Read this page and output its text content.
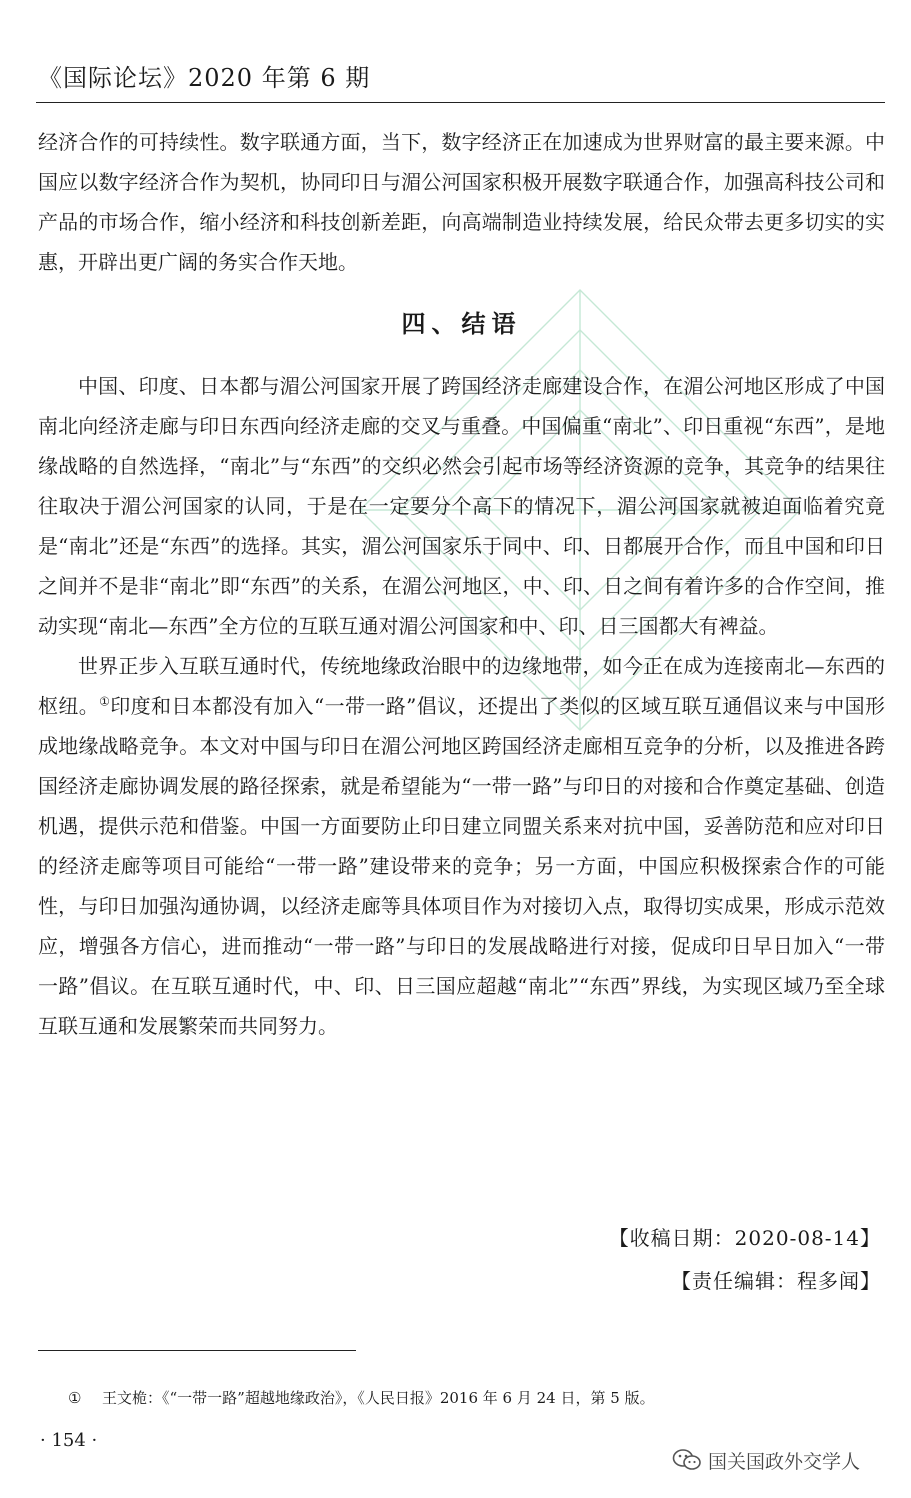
《国际论坛》2020 年第 6 期

经济合作的可持续性。数字联通方面，当下，数字经济正在加速成为世界财富的最主要来源。中国应以数字经济合作为契机，协同印日与湄公河国家积极开展数字联通合作，加强高科技公司和产品的市场合作，缩小经济和科技创新差距，向高端制造业持续发展，给民众带去更多切实的实惠，开辟出更广阔的务实合作天地。

四、结语

中国、印度、日本都与湄公河国家开展了跨国经济走廊建设合作，在湄公河地区形成了中国南北向经济走廊与印日东西向经济走廊的交叉与重叠。中国偏重“南北”、印日重视“东西”，是地缘战略的自然选择，“南北”与“东西”的交织必然会引起市场等经济资源的竞争，其竞争的结果往往取决于湄公河国家的认同，于是在一定要分个高下的情况下，湄公河国家就被迫面临着究竟是“南北”还是“东西”的选择。其实，湄公河国家乐于同中、印、日都展开合作，而且中国和印日之间并不是非“南北”即“东西”的关系，在湄公河地区，中、印、日之间有着许多的合作空间，推动实现“南北—东西”全方位的互联互通对湄公河国家和中、印、日三国都大有裨益。

世界正步入互联互通时代，传统地缘政治眼中的边缘地带，如今正在成为连接南北—东西的枢纽。①印度和日本都没有加入“一带一路”倡议，还提出了类似的区域互联互通倡议来与中国形成地缘战略竞争。本文对中国与印日在湄公河地区跨国经济走廊相互竞争的分析，以及推进各跨国经济走廊协调发展的路径探索，就是希望能为“一带一路”与印日的对接和合作奠定基础、创造机遇，提供示范和借鉴。中国一方面要防止印日建立同盟关系来对抗中国，妥善防范和应对印日的经济走廊等项目可能给“一带一路”建设带来的竞争；另一方面，中国应积极探索合作的可能性，与印日加强沟通协调，以经济走廊等具体项目作为对接切入点，取得切实成果，形成示范效应，增强各方信心，进而推动“一带一路”与印日的发展战略进行对接，促成印日早日加入“一带一路”倡议。在互联互通时代，中、印、日三国应超越“南北”“东西”界线，为实现区域乃至全球互联互通和发展繁荣而共同努力。

【收稿日期：2020-08-14】
【责任编辑：程多闻】
① 王文桅：《“一带一路”超越地缘政治》，《人民日报》2016 年 6 月 24 日，第 5 版。
· 154 ·
国关国政外交学人
